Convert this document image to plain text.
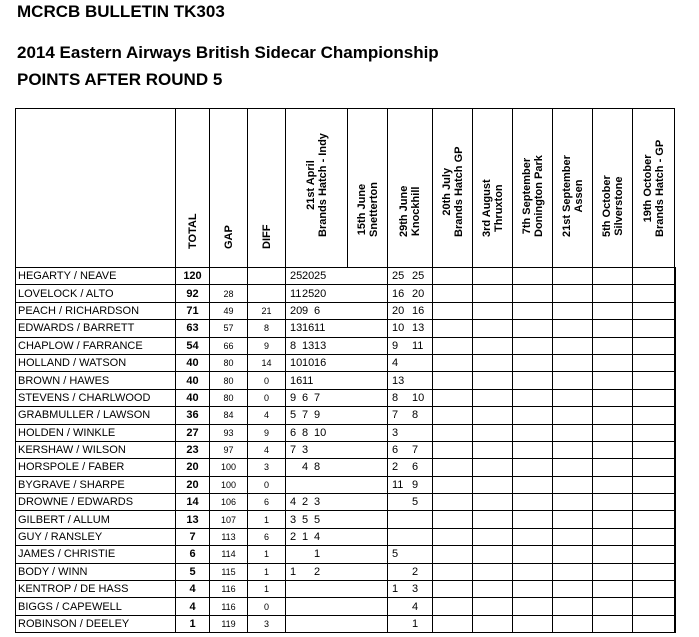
MCRCB BULLETIN TK303
2014 Eastern Airways British Sidecar Championship
POINTS AFTER ROUND 5

	TOTAL	GAP	DIFF	21st April Brands Hatch - Indy	15th June Snetterton	29th June Knockhill	20th July Brands Hatch GP	3rd August Thruxton	7th September Donington Park	21st September Assen	5th October Silverstone	19th October Brands Hatch - GP	

HEGARTY / NEAVE	120			25 20 25		25 25							

LOVELOCK / ALTO	92	28		11 25 20		16 20							

PEACH / RICHARDSON	71	49	21	20 9 6		20 16							

EDWARDS / BARRETT	63	57	8	13 16 11		10 13							

CHAPLOW / FARRANCE	54	66	9	8 13 13		9 11							

HOLLAND / WATSON	40	80	14	10 10 16		4							

BROWN / HAWES	40	80	0	16 11		13							

STEVENS / CHARLWOOD	40	80	0	9 6 7		8 10							

GRABMULLER / LAWSON	36	84	4	5 7 9		7 8							

HOLDEN / WINKLE	27	93	9	6 8 10		3							

KERSHAW / WILSON	23	97	4	7 3		6 7							

HORSPOLE / FABER	20	100	3	4 8		2 6							

BYGRAVE / SHARPE	20	100	0			11 9							

DROWNE / EDWARDS	14	106	6	4 2 3		5							

GILBERT / ALLUM	13	107	1	3 5 5									

GUY / RANSLEY	7	113	6	2 1 4									

JAMES / CHRISTIE	6	114	1	1		5							

BODY / WINN	5	115	1	1 2		2							

KENTROP / DE HASS	4	116	1			1 3							

BIGGS / CAPEWELL	4	116	0			4							

ROBINSON / DEELEY	1	119	3			1							
